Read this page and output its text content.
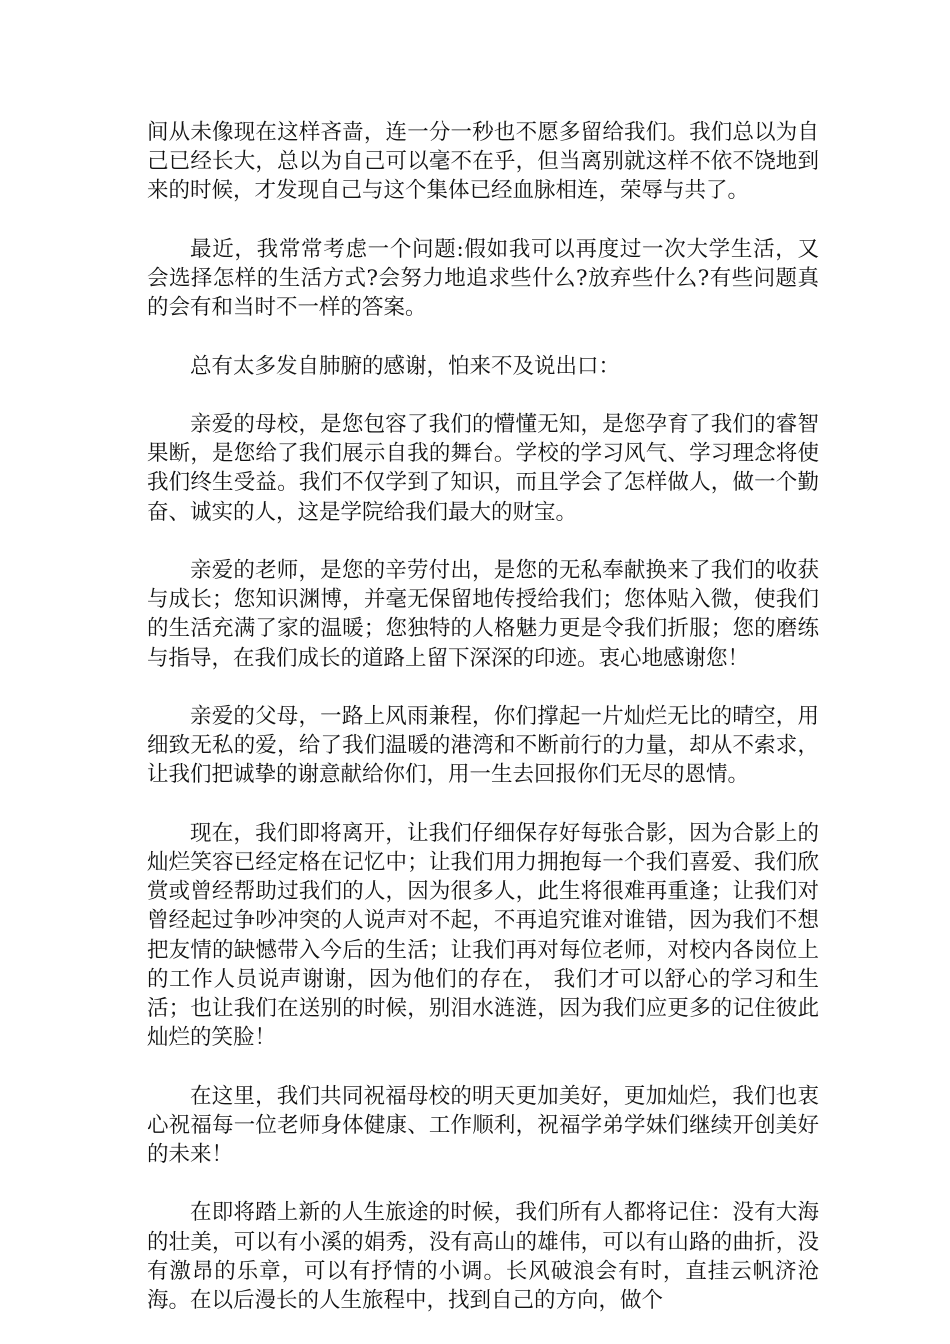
间从未像现在这样吝啬，连一分一秒也不愿多留给我们。我们总以为自己已经长大，总以为自己可以毫不在乎，但当离别就这样不依不饶地到来的时候，才发现自己与这个集体已经血脉相连，荣辱与共了。

最近，我常常考虑一个问题:假如我可以再度过一次大学生活，又会选择怎样的生活方式?会努力地追求些什么?放弃些什么?有些问题真的会有和当时不一样的答案。

总有太多发自肺腑的感谢，怕来不及说出口：

亲爱的母校，是您包容了我们的懵懂无知，是您孕育了我们的睿智果断，是您给了我们展示自我的舞台。学校的学习风气、学习理念将使我们终生受益。我们不仅学到了知识，而且学会了怎样做人，做一个勤奋、诚实的人，这是学院给我们最大的财宝。

亲爱的老师，是您的辛劳付出，是您的无私奉献换来了我们的收获与成长；您知识渊博，并毫无保留地传授给我们；您体贴入微，使我们的生活充满了家的温暖；您独特的人格魅力更是令我们折服；您的磨练与指导，在我们成长的道路上留下深深的印迹。衷心地感谢您！

亲爱的父母，一路上风雨兼程，你们撑起一片灿烂无比的晴空，用细致无私的爱，给了我们温暖的港湾和不断前行的力量，却从不索求，让我们把诚挚的谢意献给你们，用一生去回报你们无尽的恩情。

现在，我们即将离开，让我们仔细保存好每张合影，因为合影上的灿烂笑容已经定格在记忆中；让我们用力拥抱每一个我们喜爱、我们欣赏或曾经帮助过我们的人，因为很多人，此生将很难再重逢；让我们对曾经起过争吵冲突的人说声对不起，不再追究谁对谁错，因为我们不想把友情的缺憾带入今后的生活；让我们再对每位老师，对校内各岗位上的工作人员说声谢谢，因为他们的存在， 我们才可以舒心的学习和生活；也让我们在送别的时候，别泪水涟涟，因为我们应更多的记住彼此灿烂的笑脸！

在这里，我们共同祝福母校的明天更加美好，更加灿烂，我们也衷心祝福每一位老师身体健康、工作顺利，祝福学弟学妹们继续开创美好的未来！

在即将踏上新的人生旅途的时候，我们所有人都将记住：没有大海的壮美，可以有小溪的娟秀，没有高山的雄伟，可以有山路的曲折，没有激昂的乐章，可以有抒情的小调。长风破浪会有时，直挂云帆济沧海。在以后漫长的人生旅程中，找到自己的方向，做个
